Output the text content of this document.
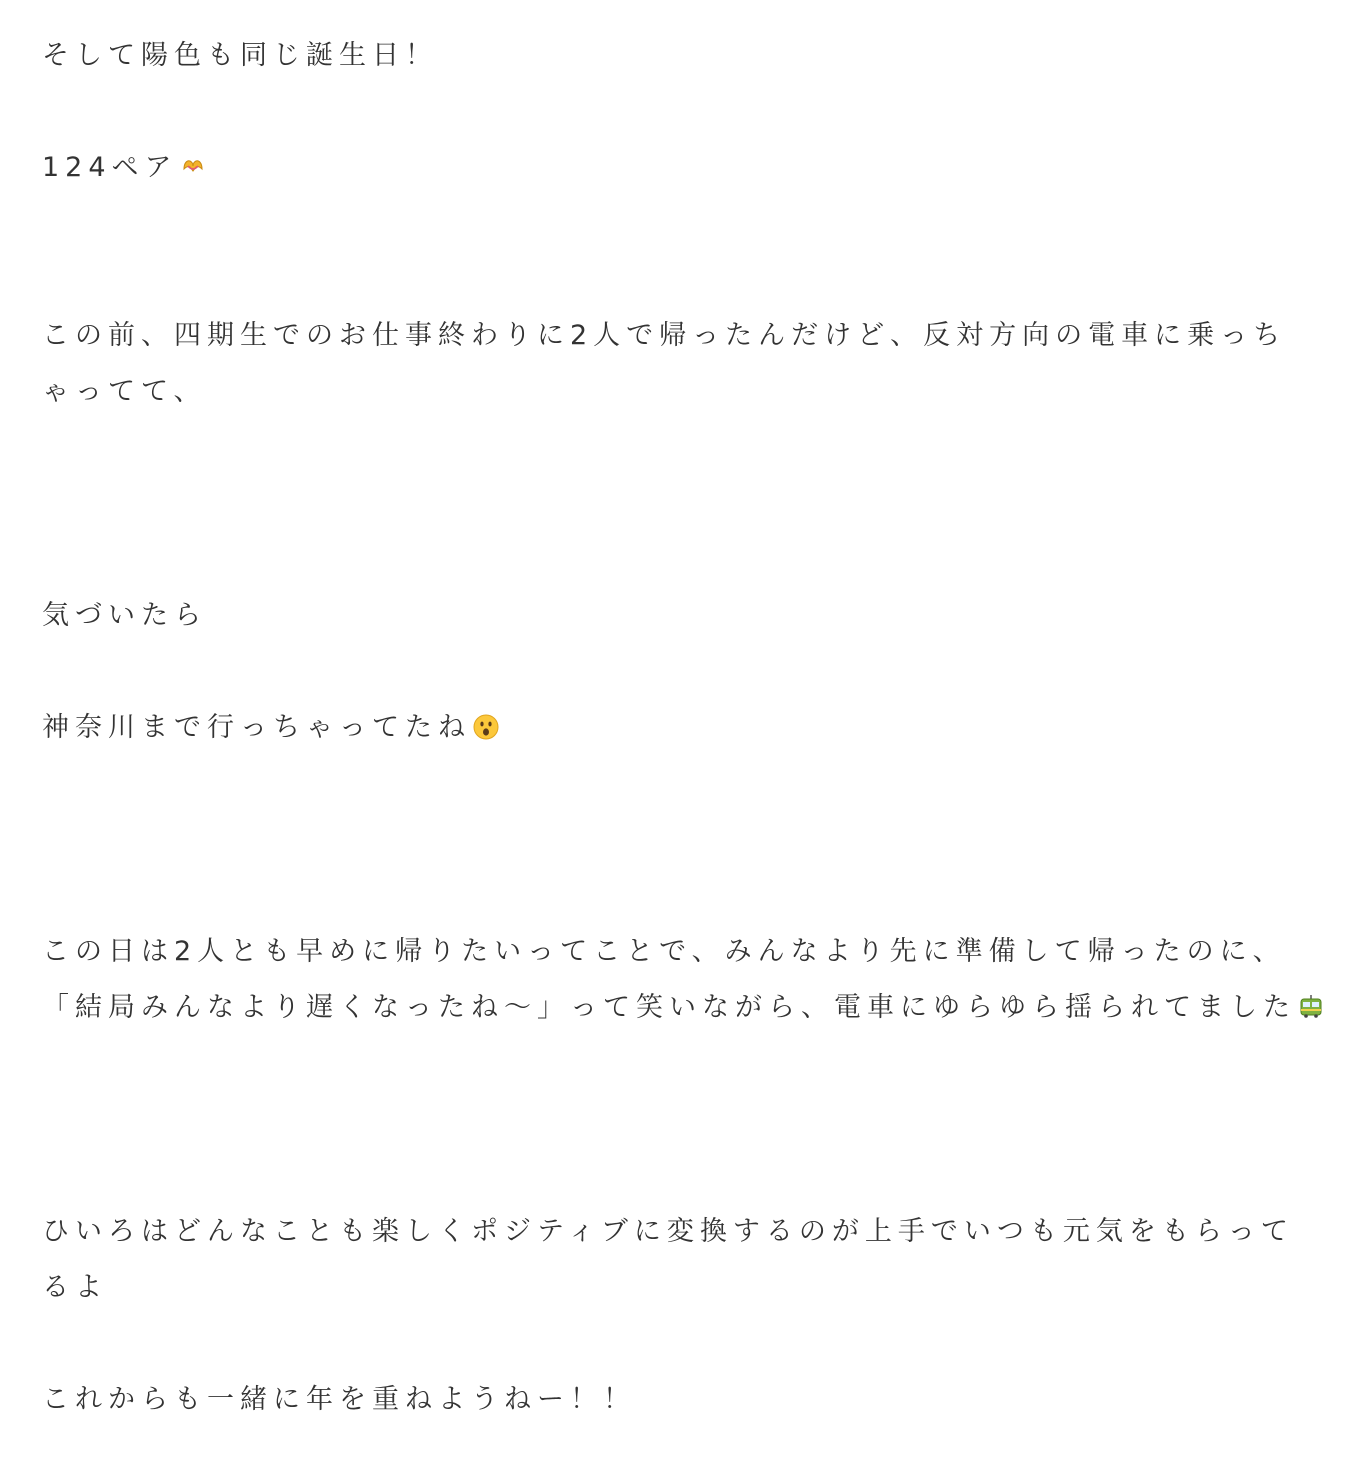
そして陽色も同じ誕生日！
124ペア
この前、四期生でのお仕事終わりに2人で帰ったんだけど、反対方向の電車に乗っち
ゃってて、
気づいたら
神奈川まで行っちゃってたね
この日は2人とも早めに帰りたいってことで、みんなより先に準備して帰ったのに、
「結局みんなより遅くなったね〜」って笑いながら、電車にゆらゆら揺られてました
ひいろはどんなことも楽しくポジティブに変換するのが上手でいつも元気をもらって
るよ
これからも一緒に年を重ねようねー！！
